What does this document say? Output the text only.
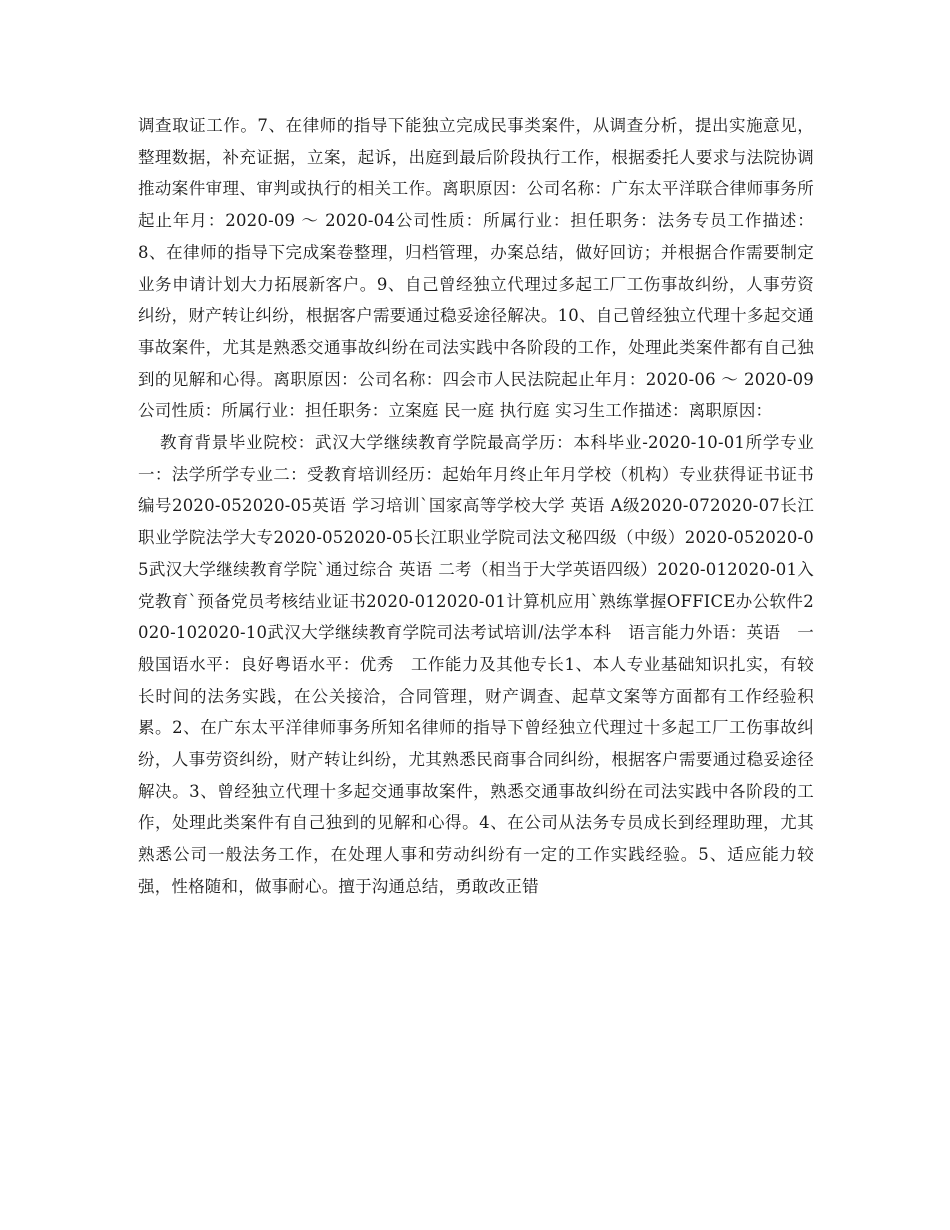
调查取证工作。7、在律师的指导下能独立完成民事类案件，从调查分析，提出实施意见，整理数据，补充证据，立案，起诉，出庭到最后阶段执行工作，根据委托人要求与法院协调推动案件审理、审判或执行的相关工作。离职原因：公司名称：广东太平洋联合律师事务所起止年月：2020-09 ～ 2020-04公司性质：所属行业：担任职务：法务专员工作描述：8、在律师的指导下完成案卷整理，归档管理，办案总结，做好回访；并根据合作需要制定业务申请计划大力拓展新客户。9、自己曾经独立代理过多起工厂工伤事故纠纷，人事劳资纠纷，财产转让纠纷，根据客户需要通过稳妥途径解决。10、自己曾经独立代理十多起交通事故案件，尤其是熟悉交通事故纠纷在司法实践中各阶段的工作，处理此类案件都有自己独到的见解和心得。离职原因：公司名称：四会市人民法院起止年月：2020-06 ～ 2020-09公司性质：所属行业：担任职务：立案庭 民一庭 执行庭 实习生工作描述：离职原因：

教育背景毕业院校：武汉大学继续教育学院最高学历：本科毕业-2020-10-01所学专业一：法学所学专业二：受教育培训经历：起始年月终止年月学校（机构）专业获得证书证书编号2020-052020-05英语 学习培训`国家高等学校大学 英语 A级2020-072020-07长江职业学院法学大专2020-052020-05长江职业学院司法文秘四级（中级）2020-052020-05武汉大学继续教育学院`通过综合 英语 二考（相当于大学英语四级）2020-012020-01入党教育`预备党员考核结业证书2020-012020-01计算机应用`熟练掌握OFFICE办公软件2020-102020-10武汉大学继续教育学院司法考试培训/法学本科　语言能力外语：英语　一般国语水平：良好粤语水平：优秀　工作能力及其他专长1、本人专业基础知识扎实，有较长时间的法务实践，在公关接洽，合同管理，财产调查、起草文案等方面都有工作经验积累。2、在广东太平洋律师事务所知名律师的指导下曾经独立代理过十多起工厂工伤事故纠纷，人事劳资纠纷，财产转让纠纷，尤其熟悉民商事合同纠纷，根据客户需要通过稳妥途径解决。3、曾经独立代理十多起交通事故案件，熟悉交通事故纠纷在司法实践中各阶段的工作，处理此类案件有自己独到的见解和心得。4、在公司从法务专员成长到经理助理，尤其熟悉公司一般法务工作，在处理人事和劳动纠纷有一定的工作实践经验。5、适应能力较强，性格随和，做事耐心。擅于沟通总结，勇敢改正错
